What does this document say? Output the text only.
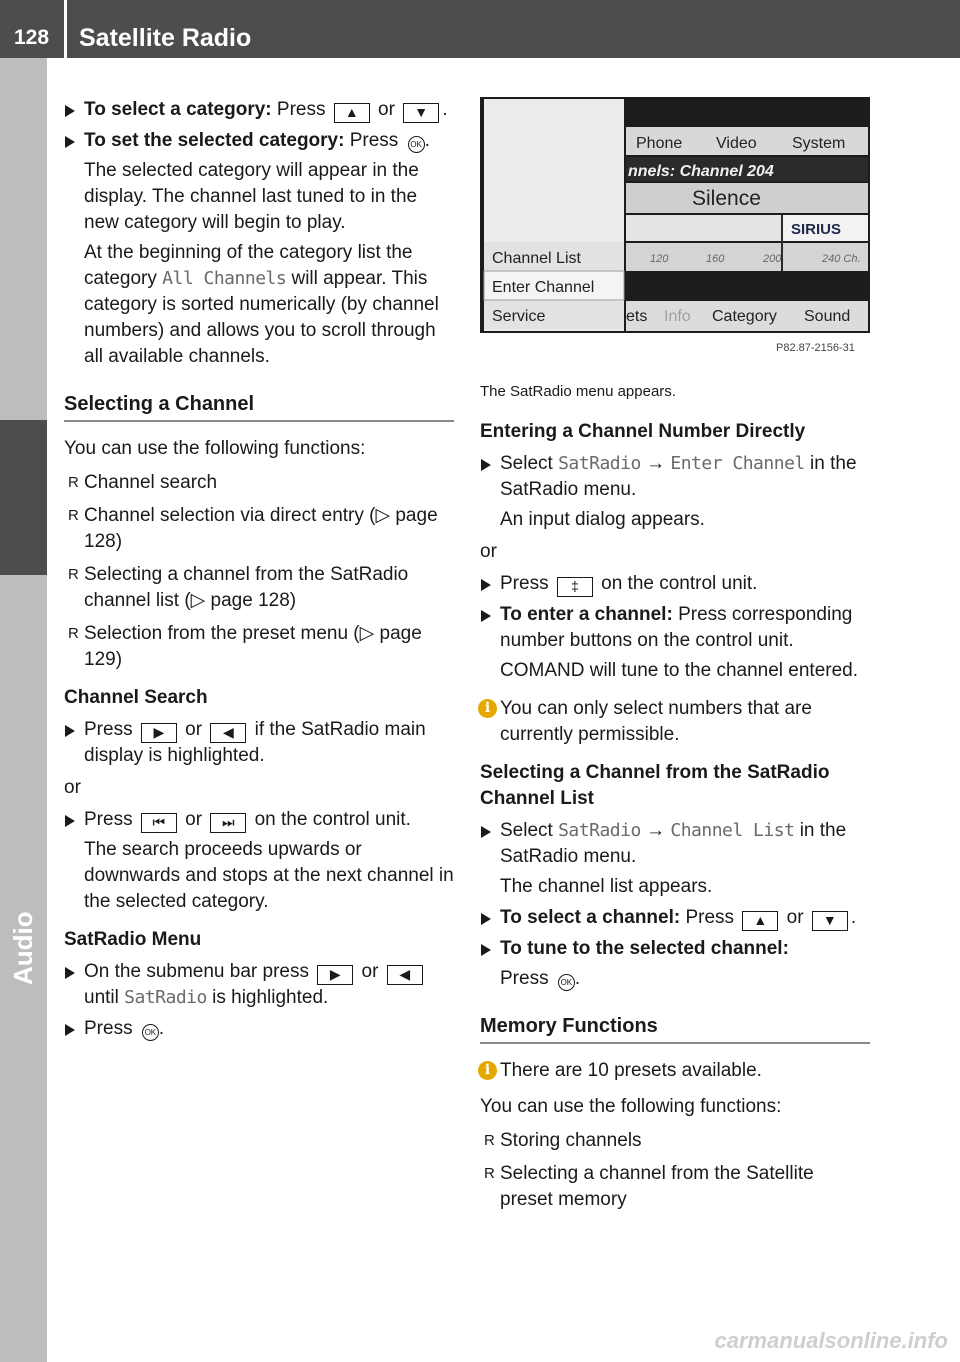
128 Satellite Radio
Audio

To select a category: Press ▲ or ▼ .

To set the selected category: Press OK .

The selected category will appear in the display. The channel last tuned to in the new category will begin to play.

At the beginning of the category list the category All Channels will appear. This category is sorted numerically (by channel numbers) and allows you to scroll through all available channels.

Selecting a Channel

You can use the following functions:

R Channel search
R Channel selection via direct entry (▷ page 128)
R Selecting a channel from the SatRadio channel list (▷ page 128)
R Selection from the preset menu (▷ page 129)
Channel Search

Press ▶ or ◀ if the SatRadio main display is highlighted.

or

Press ⏮ or ⏭ on the control unit.

The search proceeds upwards or downwards and stops at the next channel in the selected category.

SatRadio Menu

On the submenu bar press ▶ or ◀ until SatRadio is highlighted.

Press OK .

Channel List
Enter Channel
Service
Phone Video System
nnels: Channel 204
Silence
SIRIUS
120	160	200	240 Ch.
ets Info Category Sound
P82.87-2156-31

The SatRadio menu appears.

Entering a Channel Number Directly

Select SatRadio → Enter Channel in the SatRadio menu.

An input dialog appears.

or

Press ‡ on the control unit.

To enter a channel: Press corresponding number buttons on the control unit.

COMAND will tune to the channel entered.

i You can only select numbers that are currently permissible.
Selecting a Channel from the SatRadio Channel List

Select SatRadio → Channel List in the SatRadio menu.

The channel list appears.

To select a channel: Press ▲ or ▼ .

To tune to the selected channel:

Press OK .

Memory Functions
i There are 10 presets available.

You can use the following functions:

R Storing channels
R Selecting a channel from the Satellite preset memory
carmanualsonline.info
